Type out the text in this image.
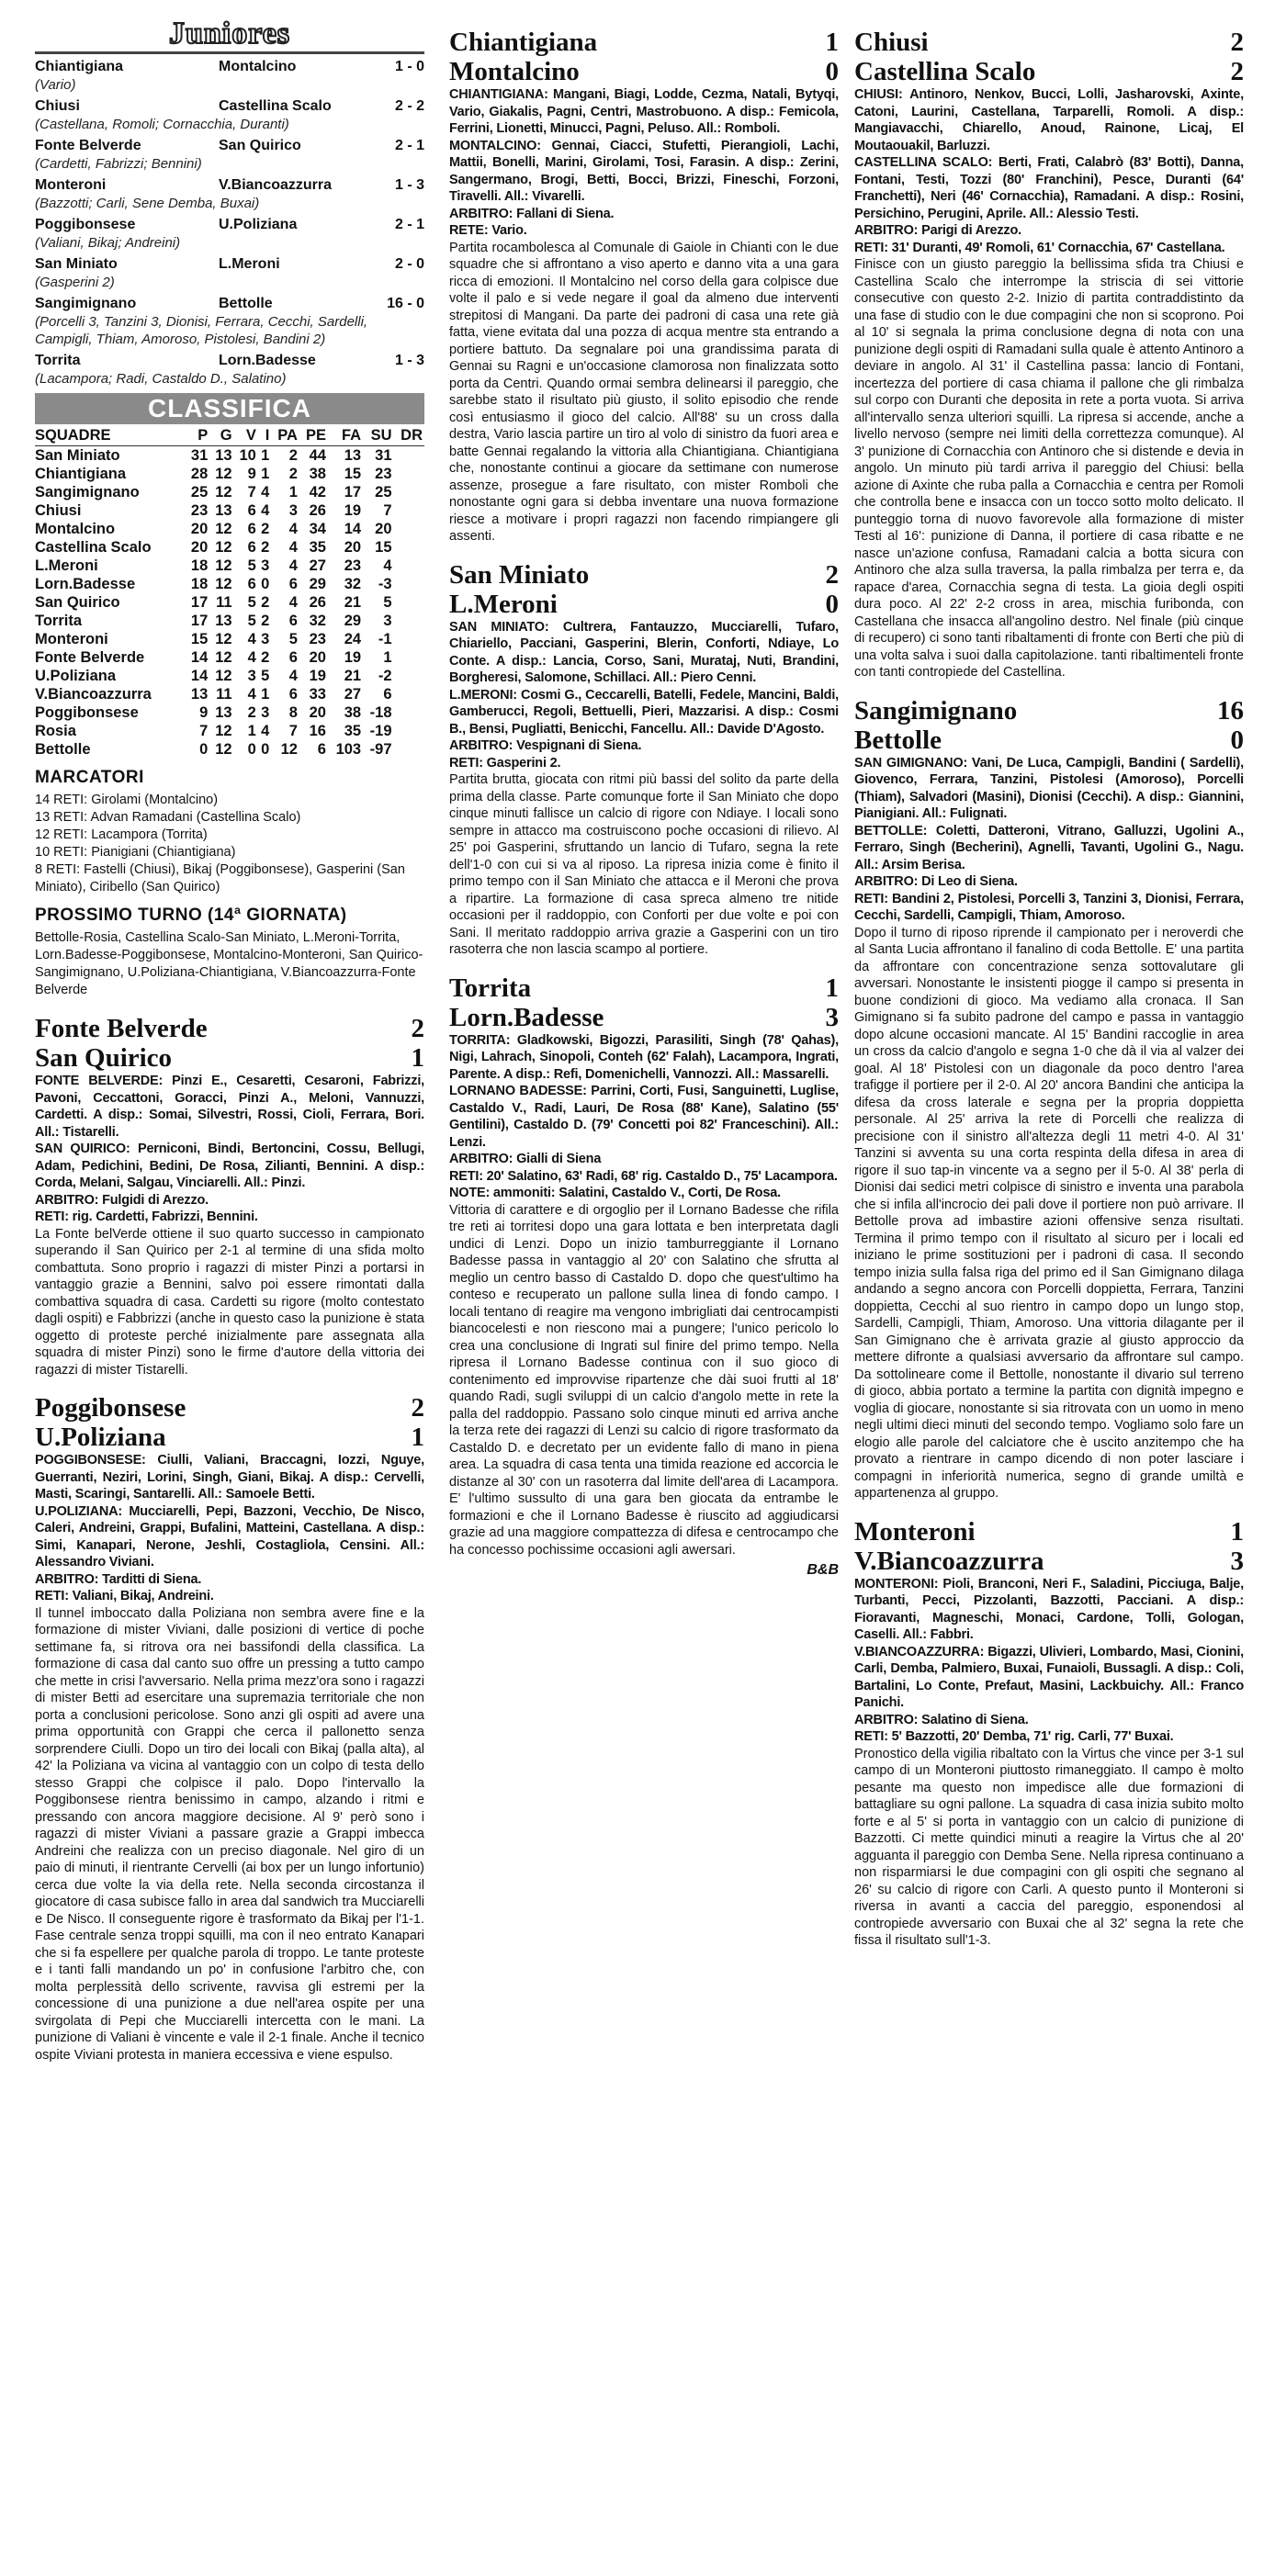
Juniores
Chiantigiana	Montalcino	1 - 0
(Vario)
Chiusi	Castellina Scalo	2 - 2
(Castellana, Romoli; Cornacchia, Duranti)
Fonte Belverde	San Quirico	2 - 1
(Cardetti, Fabrizzi; Bennini)
Monteroni	V.Biancoazzurra	1 - 3
(Bazzotti; Carli, Sene Demba, Buxai)
Poggibonsese	U.Poliziana	2 - 1
(Valiani, Bikaj; Andreini)
San Miniato	L.Meroni	2 - 0
(Gasperini 2)
Sangimignano	Bettolle	16 - 0
(Porcelli 3, Tanzini 3, Dionisi, Ferrara, Cecchi, Sardelli, Campigli, Thiam, Amoroso, Pistolesi, Bandini 2)
Torrita	Lorn.Badesse	1 - 3
(Lacampora; Radi, Castaldo D., Salatino)
CLASSIFICA
SQUADRE	P	G	V	I	PA	PE	FA	SU	DR
San Miniato	31	13	10	1	2	44	13	31	
Chiantigiana	28	12	9	1	2	38	15	23	
Sangimignano	25	12	7	4	1	42	17	25	
Chiusi	23	13	6	4	3	26	19	7	
Montalcino	20	12	6	2	4	34	14	20	
Castellina Scalo	20	12	6	2	4	35	20	15	
L.Meroni	18	12	5	3	4	27	23	4	
Lorn.Badesse	18	12	6	0	6	29	32	-3	
San Quirico	17	11	5	2	4	26	21	5	
Torrita	17	13	5	2	6	32	29	3	
Monteroni	15	12	4	3	5	23	24	-1	
Fonte Belverde	14	12	4	2	6	20	19	1	
U.Poliziana	14	12	3	5	4	19	21	-2	
V.Biancoazzurra	13	11	4	1	6	33	27	6	
Poggibonsese	9	13	2	3	8	20	38	-18	
Rosia	7	12	1	4	7	16	35	-19	
Bettolle	0	12	0	0	12	6	103	-97	
MARCATORI
14 RETI: Girolami (Montalcino)
13 RETI: Advan Ramadani (Castellina Scalo)
12 RETI: Lacampora (Torrita)
10 RETI: Pianigiani (Chiantigiana)
8 RETI: Fastelli (Chiusi), Bikaj (Poggibonsese), Gasperini (San Miniato), Ciribello (San Quirico)
PROSSIMO TURNO (14ª GIORNATA)
Bettolle-Rosia, Castellina Scalo-San Miniato, L.Meroni-Torrita, Lorn.Badesse-Poggibonsese, Montalcino-Monteroni, San Quirico-Sangimignano, U.Poliziana-Chiantigiana, V.Biancoazzurra-Fonte Belverde
Fonte Belverde	2
San Quirico	1
FONTE BELVERDE: Pinzi E., Cesaretti, Cesaroni, Fabrizzi, Pavoni, Ceccattoni, Goracci, Pinzi A., Meloni, Vannuzzi, Cardetti. A disp.: Somai, Silvestri, Rossi, Cioli, Ferrara, Bori. All.: Tistarelli.
SAN QUIRICO: Perniconi, Bindi, Bertoncini, Cossu, Bellugi, Adam, Pedichini, Bedini, De Rosa, Zilianti, Bennini. A disp.: Corda, Melani, Salgau, Vinciarelli. All.: Pinzi.
ARBITRO: Fulgidi di Arezzo.
RETI: rig. Cardetti, Fabrizzi, Bennini.
La Fonte belVerde ottiene il suo quarto successo in campionato superando il San Quirico per 2-1 al termine di una sfida molto combattuta. Sono proprio i ragazzi di mister Pinzi a portarsi in vantaggio grazie a Bennini, salvo poi essere rimontati dalla combattiva squadra di casa. Cardetti su rigore (molto contestato dagli ospiti) e Fabbrizzi (anche in questo caso la punizione è stata oggetto di proteste perché inizialmente pare assegnata alla squadra di mister Pinzi) sono le firme d'autore della vittoria dei ragazzi di mister Tistarelli.
Poggibonsese	2
U.Poliziana	1
POGGIBONSESE: Ciulli, Valiani, Braccagni, Iozzi, Nguye, Guerranti, Neziri, Lorini, Singh, Giani, Bikaj. A disp.: Cervelli, Masti, Scaringi, Santarelli. All.: Samoele Betti.
U.POLIZIANA: Mucciarelli, Pepi, Bazzoni, Vecchio, De Nisco, Caleri, Andreini, Grappi, Bufalini, Matteini, Castellana. A disp.: Simi, Kanapari, Nerone, Jeshli, Costagliola, Censini. All.: Alessandro Viviani.
ARBITRO: Tarditti di Siena.
RETI: Valiani, Bikaj, Andreini.
Il tunnel imboccato dalla Poliziana non sembra avere fine e la formazione di mister Viviani, dalle posizioni di vertice di poche settimane fa, si ritrova ora nei bassifondi della classifica. La formazione di casa dal canto suo offre un pressing a tutto campo che mette in crisi l'avversario. Nella prima mezz'ora sono i ragazzi di mister Betti ad esercitare una supremazia territoriale che non porta a conclusioni pericolose. Sono anzi gli ospiti ad avere una prima opportunità con Grappi che cerca il pallonetto senza sorprendere Ciulli. Dopo un tiro dei locali con Bikaj (palla alta), al 42' la Poliziana va vicina al vantaggio con un colpo di testa dello stesso Grappi che colpisce il palo. Dopo l'intervallo la Poggibonsese rientra benissimo in campo, alzando i ritmi e pressando con ancora maggiore decisione. Al 9' però sono i ragazzi di mister Viviani a passare grazie a Grappi imbecca Andreini che realizza con un preciso diagonale. Nel giro di un paio di minuti, il rientrante Cervelli (ai box per un lungo infortunio) cerca due volte la via della rete. Nella seconda circostanza il giocatore di casa subisce fallo in area dal sandwich tra Mucciarelli e De Nisco. Il conseguente rigore è trasformato da Bikaj per l'1-1. Fase centrale senza troppi squilli, ma con il neo entrato Kanapari che si fa espellere per qualche parola di troppo. Le tante proteste e i tanti falli mandando un po' in confusione l'arbitro che, con molta perplessità dello scrivente, ravvisa gli estremi per la concessione di una punizione a due nell'area ospite per una svirgolata di Pepi che Mucciarelli intercetta con le mani. La punizione di Valiani è vincente e vale il 2-1 finale. Anche il tecnico ospite Viviani protesta in maniera eccessiva e viene espulso.
Chiantigiana	1
Montalcino	0
CHIANTIGIANA: Mangani, Biagi, Lodde, Cezma, Natali, Bytyqi, Vario, Giakalis, Pagni, Centri, Mastrobuono. A disp.: Femicola, Ferrini, Lionetti, Minucci, Pagni, Peluso. All.: Romboli.
MONTALCINO: Gennai, Ciacci, Stufetti, Pierangioli, Lachi, Mattii, Bonelli, Marini, Girolami, Tosi, Farasin. A disp.: Zerini, Sangermano, Brogi, Betti, Bocci, Brizzi, Fineschi, Forzoni, Tiravelli. All.: Vivarelli.
ARBITRO: Fallani di Siena.
RETE: Vario.
Partita rocambolesca al Comunale di Gaiole in Chianti con le due squadre che si affrontano a viso aperto e danno vita a una gara ricca di emozioni. Il Montalcino nel corso della gara colpisce due volte il palo e si vede negare il goal da almeno due interventi strepitosi di Mangani. Da parte dei padroni di casa una rete già fatta, viene evitata dal una pozza di acqua mentre sta entrando a portiere battuto. Da segnalare poi una grandissima parata di Gennai su Ragni e un'occasione clamorosa non finalizzata sotto porta da Centri. Quando ormai sembra delinearsi il pareggio, che sarebbe stato il risultato più giusto, il solito episodio che rende così entusiasmo il gioco del calcio. All'88' su un cross dalla destra, Vario lascia partire un tiro al volo di sinistro da fuori area e batte Gennai regalando la vittoria alla Chiantigiana. Chiantigiana che, nonostante continui a giocare da settimane con numerose assenze, prosegue a fare risultato, con mister Romboli che nonostante ogni gara si debba inventare una nuova formazione riesce a motivare i propri ragazzi non facendo rimpiangere gli assenti.
San Miniato	2
L.Meroni	0
SAN MINIATO: Cultrera, Fantauzzo, Mucciarelli, Tufaro, Chiariello, Pacciani, Gasperini, Blerin, Conforti, Ndiaye, Lo Conte. A disp.: Lancia, Corso, Sani, Murataj, Nuti, Brandini, Borgheresi, Salomone, Schillaci. All.: Piero Cenni.
L.MERONI: Cosmi G., Ceccarelli, Batelli, Fedele, Mancini, Baldi, Gamberucci, Regoli, Bettuelli, Pieri, Mazzarisi. A disp.: Cosmi B., Bensi, Pugliatti, Benicchi, Fancellu. All.: Davide D'Agosto.
ARBITRO: Vespignani di Siena.
RETI: Gasperini 2.
Partita brutta, giocata con ritmi più bassi del solito da parte della prima della classe. Parte comunque forte il San Miniato che dopo cinque minuti fallisce un calcio di rigore con Ndiaye. I locali sono sempre in attacco ma costruiscono poche occasioni di rilievo. Al 25' poi Gasperini, sfruttando un lancio di Tufaro, segna la rete dell'1-0 con cui si va al riposo. La ripresa inizia come è finito il primo tempo con il San Miniato che attacca e il Meroni che prova a ripartire. La formazione di casa spreca almeno tre nitide occasioni per il raddoppio, con Conforti per due volte e poi con Sani. Il meritato raddoppio arriva grazie a Gasperini con un tiro rasoterra che non lascia scampo al portiere.
Torrita	1
Lorn.Badesse	3
TORRITA: Gladkowski, Bigozzi, Parasiliti, Singh (78' Qahas), Nigi, Lahrach, Sinopoli, Conteh (62' Falah), Lacampora, Ingrati, Parente. A disp.: Refi, Domenichelli, Vannozzi. All.: Massarelli.
LORNANO BADESSE: Parrini, Corti, Fusi, Sanguinetti, Luglise, Castaldo V., Radi, Lauri, De Rosa (88' Kane), Salatino (55' Gentilini), Castaldo D. (79' Concetti poi 82' Franceschini). All.: Lenzi.
ARBITRO: Gialli di Siena
RETI: 20' Salatino, 63' Radi, 68' rig. Castaldo D., 75' Lacampora.
NOTE: ammoniti: Salatini, Castaldo V., Corti, De Rosa.
Vittoria di carattere e di orgoglio per il Lornano Badesse che rifila tre reti ai torritesi dopo una gara lottata e ben interpretata dagli undici di Lenzi. Dopo un inizio tamburreggiante il Lornano Badesse passa in vantaggio al 20' con Salatino che sfrutta al meglio un centro basso di Castaldo D. dopo che quest'ultimo ha conteso e recuperato un pallone sulla linea di fondo campo. I locali tentano di reagire ma vengono imbrigliati dai centrocampisti biancocelesti e non riescono mai a pungere; l'unico pericolo lo crea una conclusione di Ingrati sul finire del primo tempo. Nella ripresa il Lornano Badesse continua con il suo gioco di contenimento ed improvvise ripartenze che dài suoi frutti al 18' quando Radi, sugli sviluppi di un calcio d'angolo mette in rete la palla del raddoppio. Passano solo cinque minuti ed arriva anche la terza rete dei ragazzi di Lenzi su calcio di rigore trasformato da Castaldo D. e decretato per un evidente fallo di mano in piena area. La squadra di casa tenta una timida reazione ed accorcia le distanze al 30' con un rasoterra dal limite dell'area di Lacampora. E' l'ultimo sussulto di una gara ben giocata da entrambe le formazioni e che il Lornano Badesse è riuscito ad aggiudicarsi grazie ad una maggiore compattezza di difesa e centrocampo che ha concesso pochissime occasioni agli awersari.
B&B
Chiusi	2
Castellina Scalo	2
CHIUSI: Antinoro, Nenkov, Bucci, Lolli, Jasharovski, Axinte, Catoni, Laurini, Castellana, Tarparelli, Romoli. A disp.: Mangiavacchi, Chiarello, Anoud, Rainone, Licaj, El Moutaouakil, Barluzzi.
CASTELLINA SCALO: Berti, Frati, Calabrò (83' Botti), Danna, Fontani, Testi, Tozzi (80' Franchini), Pesce, Duranti (64' Franchetti), Neri (46' Cornacchia), Ramadani. A disp.: Rosini, Persichino, Perugini, Aprile. All.: Alessio Testi.
ARBITRO: Parigi di Arezzo.
RETI: 31' Duranti, 49' Romoli, 61' Cornacchia, 67' Castellana.
Finisce con un giusto pareggio la bellissima sfida tra Chiusi e Castellina Scalo che interrompe la striscia di sei vittorie consecutive con questo 2-2. Inizio di partita contraddistinto da una fase di studio con le due compagini che non si scoprono. Poi al 10' si segnala la prima conclusione degna di nota con una punizione degli ospiti di Ramadani sulla quale è attento Antinoro a deviare in angolo. Al 31' il Castellina passa: lancio di Fontani, incertezza del portiere di casa chiama il pallone che gli rimbalza sul corpo con Duranti che deposita in rete a porta vuota. Si arriva all'intervallo senza ulteriori squilli. La ripresa si accende, anche a livello nervoso (sempre nei limiti della correttezza comunque). Al 3' punizione di Cornacchia con Antinoro che si distende e devia in angolo. Un minuto più tardi arriva il pareggio del Chiusi: bella azione di Axinte che ruba palla a Cornacchia e centra per Romoli che controlla bene e insacca con un tocco sotto molto delicato. Il punteggio torna di nuovo favorevole alla formazione di mister Testi al 16': punizione di Danna, il portiere di casa ribatte e ne nasce un'azione confusa, Ramadani calcia a botta sicura con Antinoro che alza sulla traversa, la palla rimbalza per terra e, da rapace d'area, Cornacchia segna di testa. La gioia degli ospiti dura poco. Al 22' 2-2 cross in area, mischia furibonda, con Castellana che insacca all'angolino destro. Nel finale (più cinque di recupero) ci sono tanti ribaltamenti di fronte con Berti che più di una volta salva i suoi dalla capitolazione. tanti ribaltimenteli fronte con tanti contropiede del Castellina.
Sangimignano	16
Bettolle	0
SAN GIMIGNANO: Vani, De Luca, Campigli, Bandini ( Sardelli), Giovenco, Ferrara, Tanzini, Pistolesi (Amoroso), Porcelli (Thiam), Salvadori (Masini), Dionisi (Cecchi). A disp.: Giannini, Pianigiani. All.: Fulignati.
BETTOLLE: Coletti, Datteroni, Vitrano, Galluzzi, Ugolini A., Ferraro, Singh (Becherini), Agnelli, Tavanti, Ugolini G., Nagu. All.: Arsim Berisa.
ARBITRO: Di Leo di Siena.
RETI: Bandini 2, Pistolesi, Porcelli 3, Tanzini 3, Dionisi, Ferrara, Cecchi, Sardelli, Campigli, Thiam, Amoroso.
Dopo il turno di riposo riprende il campionato per i neroverdi che al Santa Lucia affrontano il fanalino di coda Bettolle. E' una partita da affrontare con concentrazione senza sottovalutare gli avversari. Nonostante le insistenti piogge il campo si presenta in buone condizioni di gioco. Ma vediamo alla cronaca. Il San Gimignano si fa subito padrone del campo e passa in vantaggio dopo alcune occasioni mancate. Al 15' Bandini raccoglie in area un cross da calcio d'angolo e segna 1-0 che dà il via al valzer dei goal. Al 18' Pistolesi con un diagonale da poco dentro l'area trafigge il portiere per il 2-0. Al 20' ancora Bandini che anticipa la difesa da cross laterale e segna per la propria doppietta personale. Al 25' arriva la rete di Porcelli che realizza di precisione con il sinistro all'altezza degli 11 metri 4-0. Al 31' Tanzini si avventa su una corta respinta della difesa in area di rigore il suo tap-in vincente va a segno per il 5-0. Al 38' perla di Dionisi dai sedici metri colpisce di sinistro e inventa una parabola che si infila all'incrocio dei pali dove il portiere non può arrivare. Il Bettolle prova ad imbastire azioni offensive senza risultati. Termina il primo tempo con il risultato al sicuro per i locali ed iniziano le prime sostituzioni per i padroni di casa. Il secondo tempo inizia sulla falsa riga del primo ed il San Gimignano dilaga andando a segno ancora con Porcelli doppietta, Ferrara, Tanzini doppietta, Cecchi al suo rientro in campo dopo un lungo stop, Sardelli, Campigli, Thiam, Amoroso. Una vittoria dilagante per il San Gimignano che è arrivata grazie al giusto approccio da mettere difronte a qualsiasi avversario da affrontare sul campo. Da sottolineare come il Bettolle, nonostante il divario sul terreno di gioco, abbia portato a termine la partita con dignità impegno e voglia di giocare, nonostante si sia ritrovata con un uomo in meno negli ultimi dieci minuti del secondo tempo. Vogliamo solo fare un elogio alle parole del calciatore che è uscito anzitempo che ha provato a rientrare in campo dicendo di non poter lasciare i compagni in inferiorità numerica, segno di grande umiltà e appartenenza al gruppo.
Monteroni	1
V.Biancoazzurra	3
MONTERONI: Pioli, Branconi, Neri F., Saladini, Picciuga, Balje, Turbanti, Pecci, Pizzolanti, Bazzotti, Pacciani. A disp.: Fioravanti, Magneschi, Monaci, Cardone, Tolli, Gologan, Caselli. All.: Fabbri.
V.BIANCOAZZURRA: Bigazzi, Ulivieri, Lombardo, Masi, Cionini, Carli, Demba, Palmiero, Buxai, Funaioli, Bussagli. A disp.: Coli, Bartalini, Lo Conte, Prefaut, Masini, Lackbuichy. All.: Franco Panichi.
ARBITRO: Salatino di Siena.
RETI: 5' Bazzotti, 20' Demba, 71' rig. Carli, 77' Buxai.
Pronostico della vigilia ribaltato con la Virtus che vince per 3-1 sul campo di un Monteroni piuttosto rimaneggiato. Il campo è molto pesante ma questo non impedisce alle due formazioni di battagliare su ogni pallone. La squadra di casa inizia subito molto forte e al 5' si porta in vantaggio con un calcio di punizione di Bazzotti. Ci mette quindici minuti a reagire la Virtus che al 20' agguanta il pareggio con Demba Sene. Nella ripresa continuano a non risparmiarsi le due compagini con gli ospiti che segnano al 26' su calcio di rigore con Carli. A questo punto il Monteroni si riversa in avanti a caccia del pareggio, esponendosi al contropiede avversario con Buxai che al 32' segna la rete che fissa il risultato sull'1-3.
